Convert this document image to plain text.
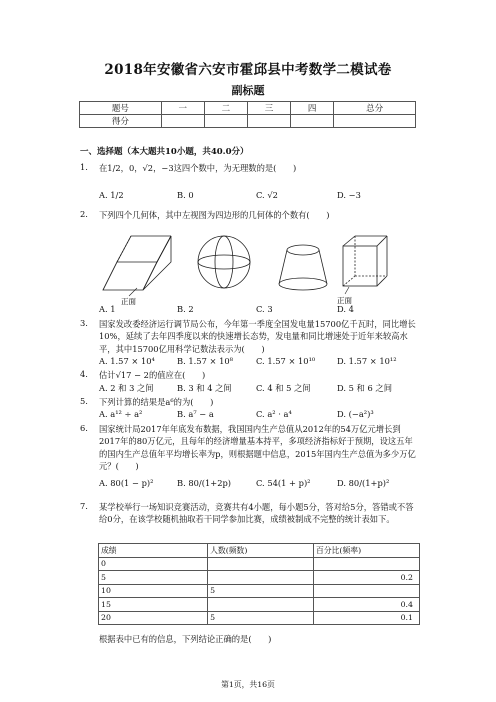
2018年安徽省六安市霍邱县中考数学二模试卷
副标题
题号	一	二	三	四	总分
得分					
一、选择题（本大题共10小题，共40.0分）
1. 在1/2，0，√2，−3这四个数中，为无理数的是(　　)
A. 1/2	B. 0	C. √2	D. −3
2. 下列四个几何体，其中左视图为四边形的几何体的个数有(　　)
正面	正面
A. 1	B. 2	C. 3	D. 4
3. 国家发改委经济运行调节局公布，今年第一季度全国发电量15700亿千瓦时，同比增长10%，延续了去年四季度以来的快速增长态势，发电量和同比增速处于近年来较高水平，其中15700亿用科学记数法表示为(　　)
A. 1.57 × 10⁴	B. 1.57 × 10⁸	C. 1.57 × 10¹⁰	D. 1.57 × 10¹²
4. 估计√17 − 2的值应在(　　)
A. 2 和 3 之间	B. 3 和 4 之间	C. 4 和 5 之间	D. 5 和 6 之间
5. 下列计算的结果是a⁶的为(　　)
A. a¹² ÷ a²	B. a⁷ − a	C. a² · a⁴	D. (−a²)³
6. 国家统计局2017年年底发布数据，我国国内生产总值从2012年的54万亿元增长到2017年的80万亿元，且每年的经济增量基本持平，多项经济指标好于预期，设这五年的国内生产总值年平均增长率为p，则根据题中信息，2015年国内生产总值为多少万亿元？(　　)
A. 80(1 − p)²	B. 80/(1+2p)	C. 54(1 + p)²	D. 80/(1+p)²
7. 某学校举行一场知识竞赛活动，竞赛共有4小题，每小题5分，答对给5分，答错或不答给0分，在该学校随机抽取若干同学参加比赛，成绩被制成不完整的统计表如下。
成绩	人数(频数)	百分比(频率)
0		
5		0.2
10	5	
15		0.4
20	5	0.1
根据表中已有的信息，下列结论正确的是(　　)
第1页，共16页
